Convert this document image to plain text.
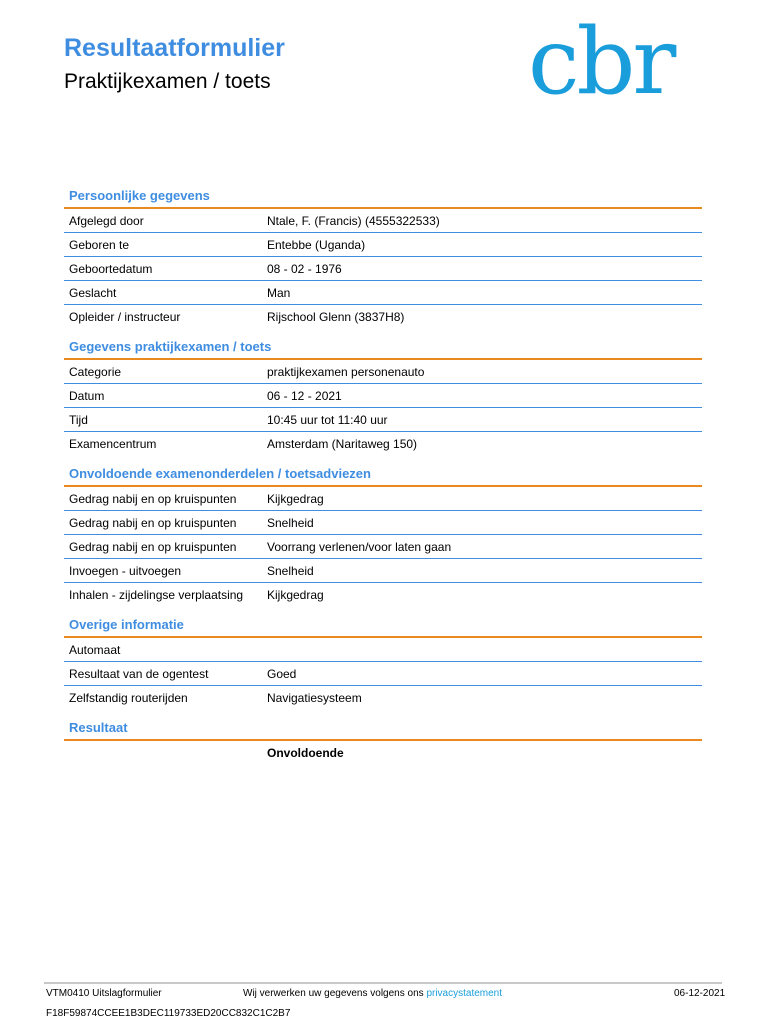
Resultaatformulier
Praktijkexamen / toets	cbr
Persoonlijke gegevens
Afgelegd door	Ntale, F. (Francis) (4555322533)
Geboren te	Entebbe (Uganda)
Geboortedatum	08 - 02 - 1976
Geslacht	Man
Opleider / instructeur	Rijschool Glenn (3837H8)
Gegevens praktijkexamen / toets
Categorie	praktijkexamen personenauto
Datum	06 - 12 - 2021
Tijd	10:45 uur tot 11:40 uur
Examencentrum	Amsterdam (Naritaweg 150)
Onvoldoende examenonderdelen / toetsadviezen
Gedrag nabij en op kruispunten	Kijkgedrag
Gedrag nabij en op kruispunten	Snelheid
Gedrag nabij en op kruispunten	Voorrang verlenen/voor laten gaan
Invoegen - uitvoegen	Snelheid
Inhalen - zijdelingse verplaatsing	Kijkgedrag
Overige informatie
Automaat
Resultaat van de ogentest	Goed
Zelfstandig routerijden	Navigatiesysteem
Resultaat
Onvoldoende
VTM0410 Uitslagformulier	Wij verwerken uw gegevens volgens ons privacystatement	06-12-2021
F18F59874CCEE1B3DEC119733ED20CC832C1C2B7
